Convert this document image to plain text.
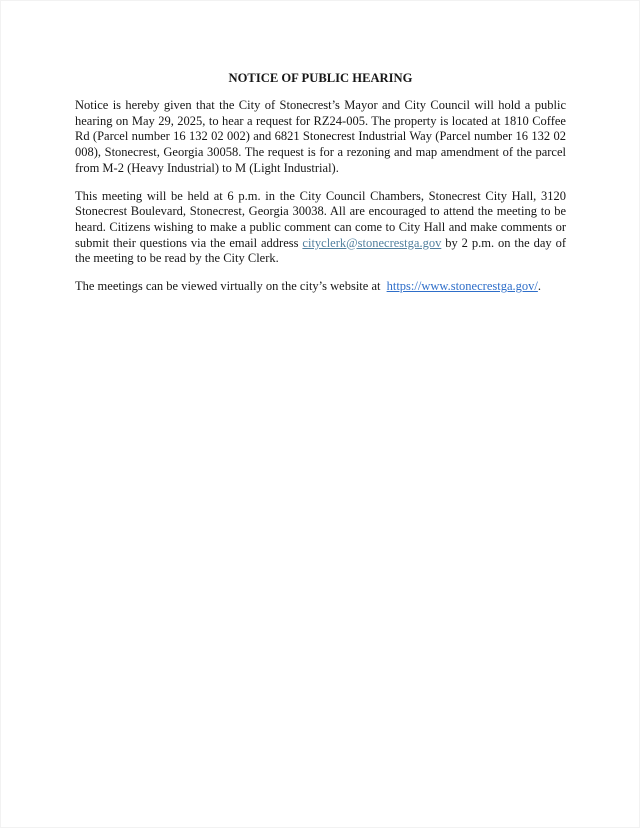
NOTICE OF PUBLIC HEARING

Notice is hereby given that the City of Stonecrest’s Mayor and City Council will hold a public hearing on May 29, 2025, to hear a request for RZ24-005. The property is located at 1810 Coffee Rd (Parcel number 16 132 02 002) and 6821 Stonecrest Industrial Way (Parcel number 16 132 02 008), Stonecrest, Georgia 30058. The request is for a rezoning and map amendment of the parcel from M-2 (Heavy Industrial) to M (Light Industrial).

This meeting will be held at 6 p.m. in the City Council Chambers, Stonecrest City Hall, 3120 Stonecrest Boulevard, Stonecrest, Georgia 30038. All are encouraged to attend the meeting to be heard. Citizens wishing to make a public comment can come to City Hall and make comments or submit their questions via the email address cityclerk@stonecrestga.gov by 2 p.m. on the day of the meeting to be read by the City Clerk.

The meetings can be viewed virtually on the city’s website at https://www.stonecrestga.gov/.
